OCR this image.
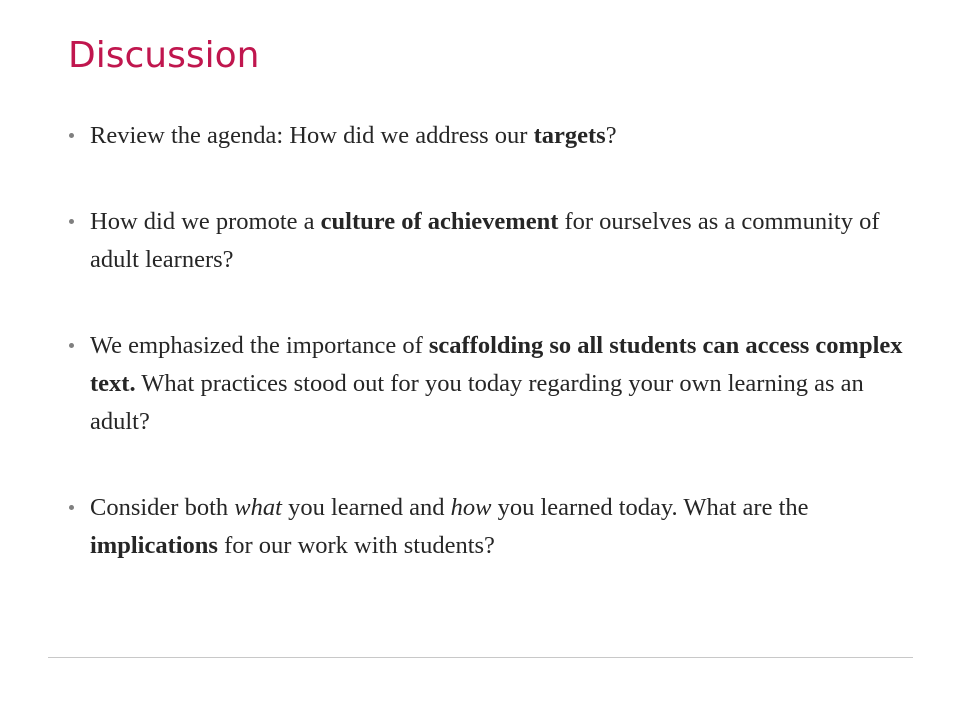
Discussion
Review the agenda: How did we address our targets?
How did we promote a culture of achievement for ourselves as a community of adult learners?
We emphasized the importance of scaffolding so all students can access complex text. What practices stood out for you today regarding your own learning as an adult?
Consider both what you learned and how you learned today. What are the implications for our work with students?
